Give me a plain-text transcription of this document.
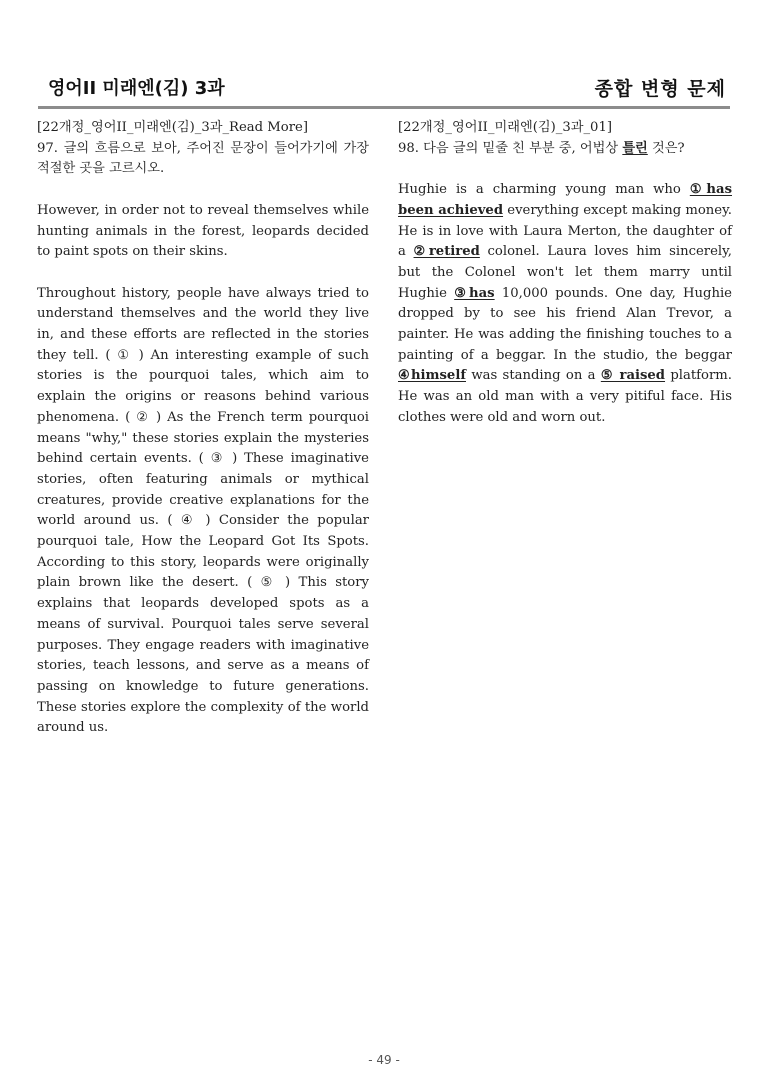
영어II 미래엔(김) 3과	종합 변형 문제

[22개정_영어II_미래엔(김)_3과_Read More]

97. 글의 흐름으로 보아, 주어진 문장이 들어가기에 가장 적절한 곳을 고르시오.

However, in order not to reveal themselves while hunting animals in the forest, leopards decided to paint spots on their skins.

Throughout history, people have always tried to understand themselves and the world they live in, and these efforts are reflected in the stories they tell. ( ① ) An interesting example of such stories is the pourquoi tales, which aim to explain the origins or reasons behind various phenomena. ( ② ) As the French term pourquoi means "why," these stories explain the mysteries behind certain events. ( ③ ) These imaginative stories, often featuring animals or mythical creatures, provide creative explanations for the world around us. ( ④ ) Consider the popular pourquoi tale, How the Leopard Got Its Spots. According to this story, leopards were originally plain brown like the desert. ( ⑤ ) This story explains that leopards developed spots as a means of survival. Pourquoi tales serve several purposes. They engage readers with imaginative stories, teach lessons, and serve as a means of passing on knowledge to future generations. These stories explore the complexity of the world around us.

[22개정_영어II_미래엔(김)_3과_01]

98. 다음 글의 밑줄 친 부분 중, 어법상 틀린 것은?

Hughie is a charming young man who ①has been achieved everything except making money. He is in love with Laura Merton, the daughter of a ②retired colonel. Laura loves him sincerely, but the Colonel won't let them marry until Hughie ③has 10,000 pounds. One day, Hughie dropped by to see his friend Alan Trevor, a painter. He was adding the finishing touches to a painting of a beggar. In the studio, the beggar ④himself was standing on a ⑤ raised platform. He was an old man with a very pitiful face. His clothes were old and worn out.

- 49 -
